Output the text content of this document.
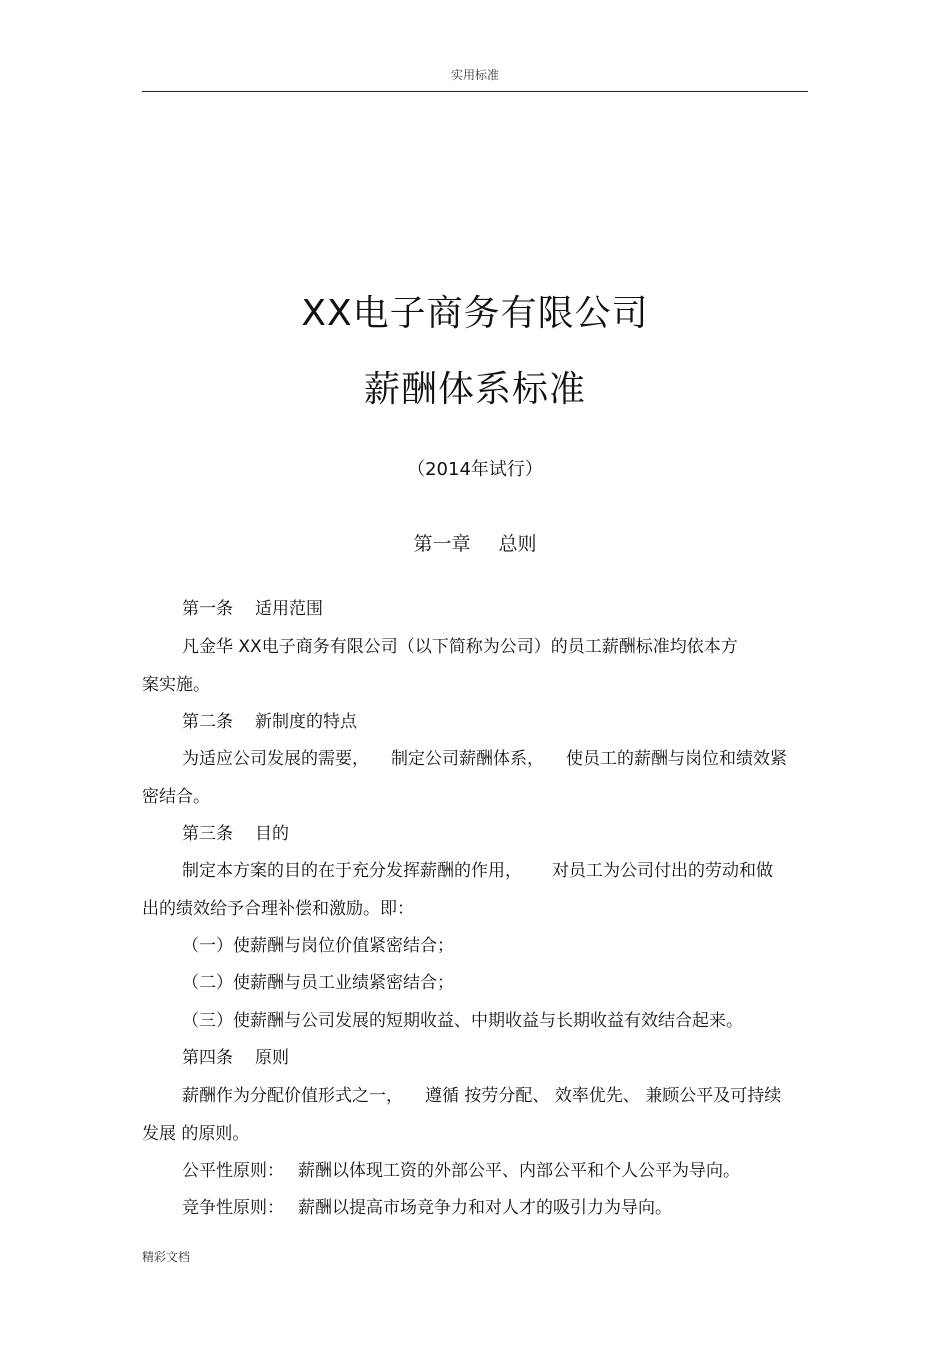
实用标准
XX电子商务有限公司
薪酬体系标准
（2014年试行）
第一章 总则
第一条 适用范围
凡金华 XX电子商务有限公司（以下简称为公司）的员工薪酬标准均依本方
案实施。
第二条 新制度的特点
为适应公司发展的需要， 制定公司薪酬体系， 使员工的薪酬与岗位和绩效紧
密结合。
第三条 目的
制定本方案的目的在于充分发挥薪酬的作用， 对员工为公司付出的劳动和做
出的绩效给予合理补偿和激励。即：
（一）使薪酬与岗位价值紧密结合；
（二）使薪酬与员工业绩紧密结合；
（三）使薪酬与公司发展的短期收益、中期收益与长期收益有效结合起来。
第四条 原则
薪酬作为分配价值形式之一， 遵循 按劳分配、 效率优先、 兼顾公平及可持续
发展 的原则。
公平性原则： 薪酬以体现工资的外部公平、内部公平和个人公平为导向。
竞争性原则： 薪酬以提高市场竞争力和对人才的吸引力为导向。
精彩文档
